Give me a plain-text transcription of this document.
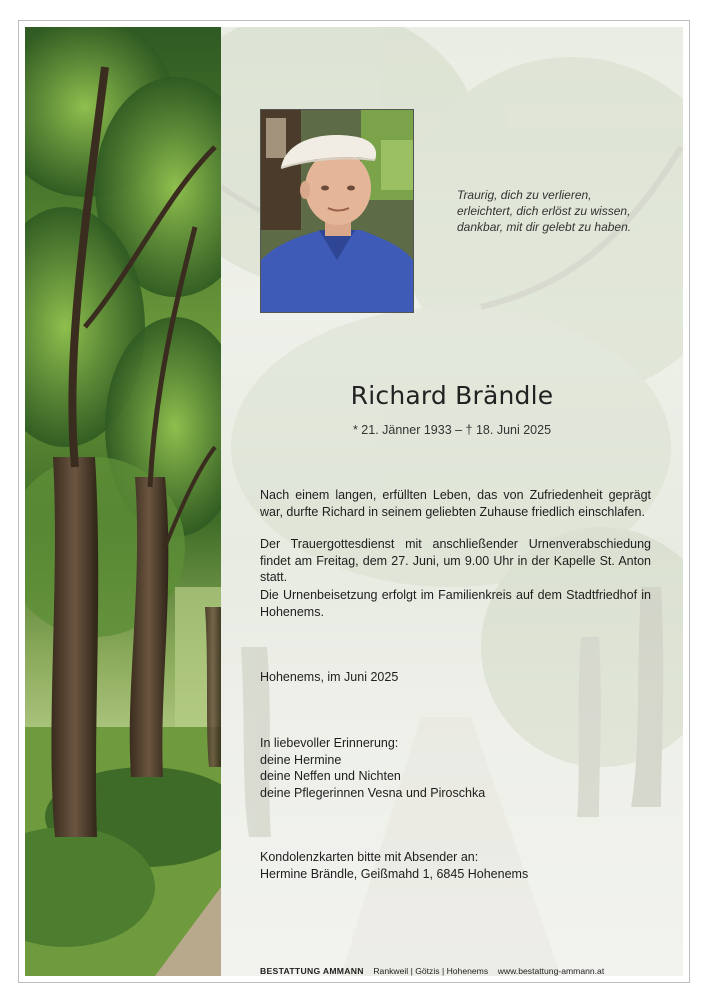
Traurig, dich zu verlieren,
erleichtert, dich erlöst zu wissen,
dankbar, mit dir gelebt zu haben.
Richard Brändle
* 21. Jänner 1933 – † 18. Juni 2025
Nach einem langen, erfüllten Leben, das von Zufriedenheit geprägt war, durfte Richard in seinem geliebten Zuhause friedlich einschlafen.
Der Trauergottesdienst mit anschließender Urnenverabschiedung findet am Freitag, dem 27. Juni, um 9.00 Uhr in der Kapelle St. Anton statt.
Die Urnenbeisetzung erfolgt im Familienkreis auf dem Stadtfriedhof in Hohenems.
Hohenems, im Juni 2025
In liebevoller Erinnerung:
deine Hermine
deine Neffen und Nichten
deine Pflegerinnen Vesna und Piroschka
Kondolenzkarten bitte mit Absender an:
Hermine Brändle, Geißmahd 1, 6845 Hohenems
BESTATTUNG AMMANN Rankweil | Götzis | Hohenems www.bestattung-ammann.at
